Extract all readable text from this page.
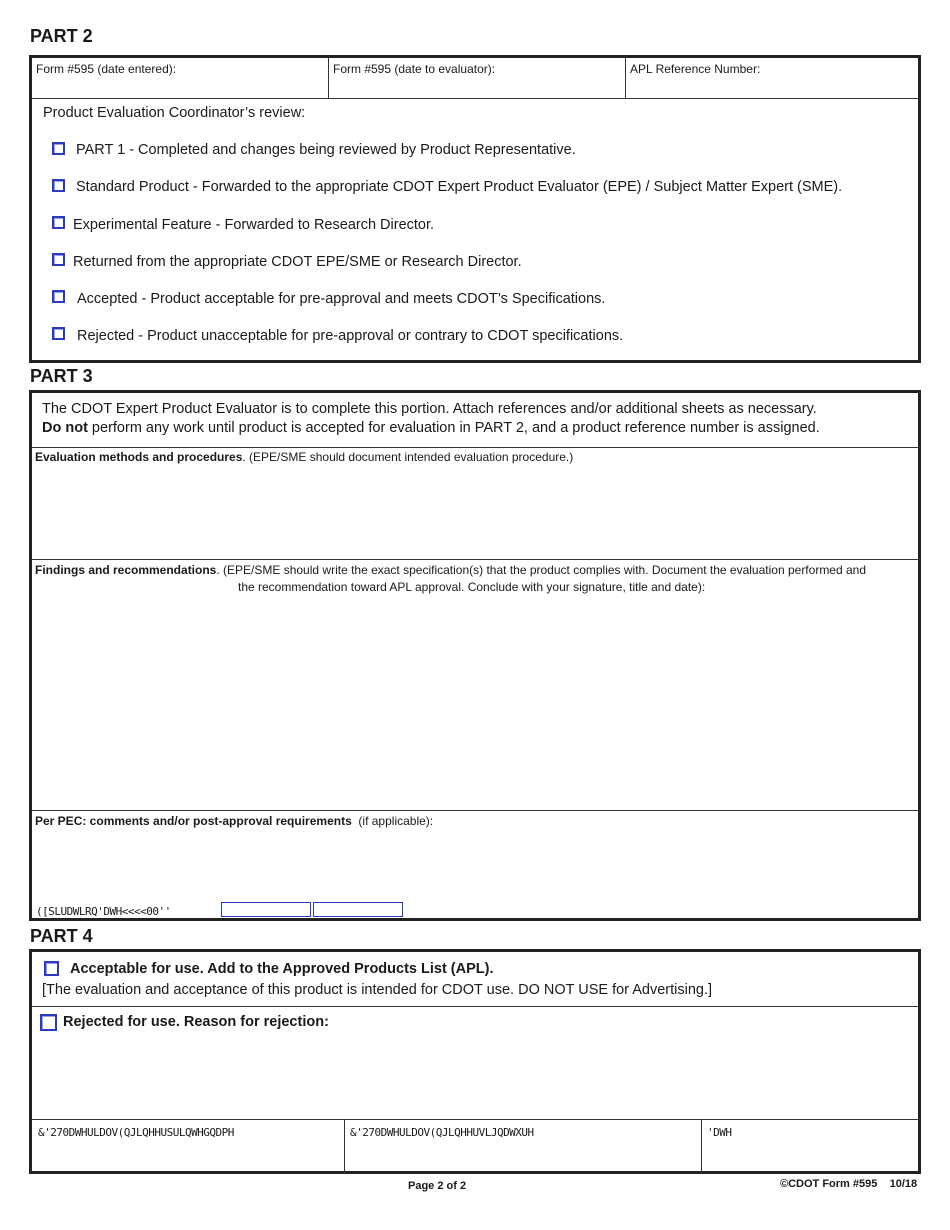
PART 2
Form #595 (date entered):	Form #595 (date to evaluator):	APL Reference Number:
Product Evaluation Coordinator’s review:
PART 1 - Completed and changes being reviewed by Product Representative.
Standard Product - Forwarded to the appropriate CDOT Expert Product Evaluator (EPE) / Subject Matter Expert (SME).
Experimental Feature - Forwarded to Research Director.
Returned from the appropriate CDOT EPE/SME or Research Director.
Accepted - Product acceptable for pre-approval and meets CDOT’s Specifications.
Rejected - Product unacceptable for pre-approval or contrary to CDOT specifications.
PART 3
The CDOT Expert Product Evaluator is to complete this portion. Attach references and/or additional sheets as necessary.
Do not perform any work until product is accepted for evaluation in PART 2, and a product reference number is assigned.
Evaluation methods and procedures. (EPE/SME should document intended evaluation procedure.)
Findings and recommendations. (EPE/SME should write the exact specification(s) that the product complies with. Document the evaluation performed and
the recommendation toward APL approval. Conclude with your signature, title and date):
Per PEC: comments and/or post-approval requirements (if applicable):
([SLUDWLRQ'DWH<<<<00''
PART 4
Acceptable for use. Add to the Approved Products List (APL).
[The evaluation and acceptance of this product is intended for CDOT use. DO NOT USE for Advertising.]
Rejected for use. Reason for rejection:
&'270DWHULDOV(QJLQHHUSULQWHGQDPH	&'270DWHULDOV(QJLQHHUVLJQDWXUH	'DWH
Page 2 of 2	©CDOT Form #595 10/18
